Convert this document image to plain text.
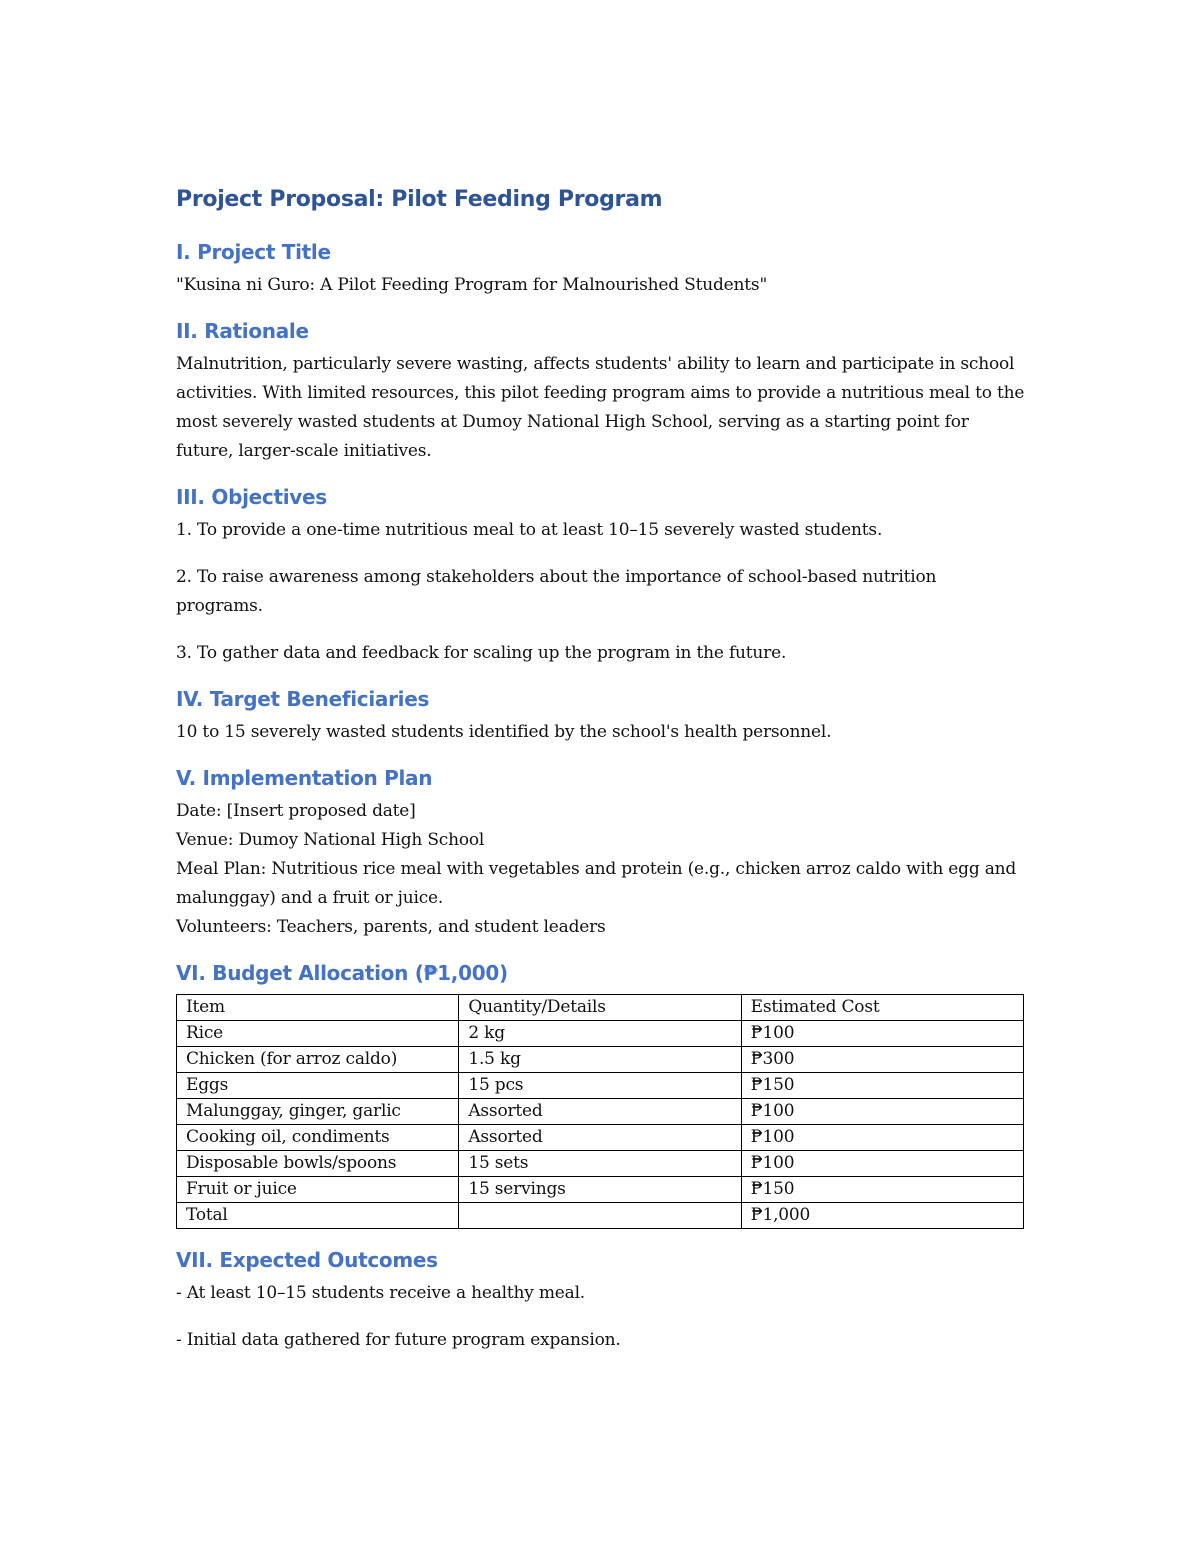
Project Proposal: Pilot Feeding Program
I. Project Title

"Kusina ni Guro: A Pilot Feeding Program for Malnourished Students"

II. Rationale

Malnutrition, particularly severe wasting, affects students' ability to learn and participate in school activities. With limited resources, this pilot feeding program aims to provide a nutritious meal to the most severely wasted students at Dumoy National High School, serving as a starting point for future, larger-scale initiatives.

III. Objectives

1. To provide a one-time nutritious meal to at least 10–15 severely wasted students.

2. To raise awareness among stakeholders about the importance of school-based nutrition programs.

3. To gather data and feedback for scaling up the program in the future.

IV. Target Beneficiaries

10 to 15 severely wasted students identified by the school's health personnel.

V. Implementation Plan

Date: [Insert proposed date]

Venue: Dumoy National High School

Meal Plan: Nutritious rice meal with vegetables and protein (e.g., chicken arroz caldo with egg and malunggay) and a fruit or juice.

Volunteers: Teachers, parents, and student leaders

VI. Budget Allocation (₱1,000)
Item	Quantity/Details	Estimated Cost
Rice	2 kg	₱100
Chicken (for arroz caldo)	1.5 kg	₱300
Eggs	15 pcs	₱150
Malunggay, ginger, garlic	Assorted	₱100
Cooking oil, condiments	Assorted	₱100
Disposable bowls/spoons	15 sets	₱100
Fruit or juice	15 servings	₱150
Total		₱1,000
VII. Expected Outcomes

- At least 10–15 students receive a healthy meal.

- Initial data gathered for future program expansion.
